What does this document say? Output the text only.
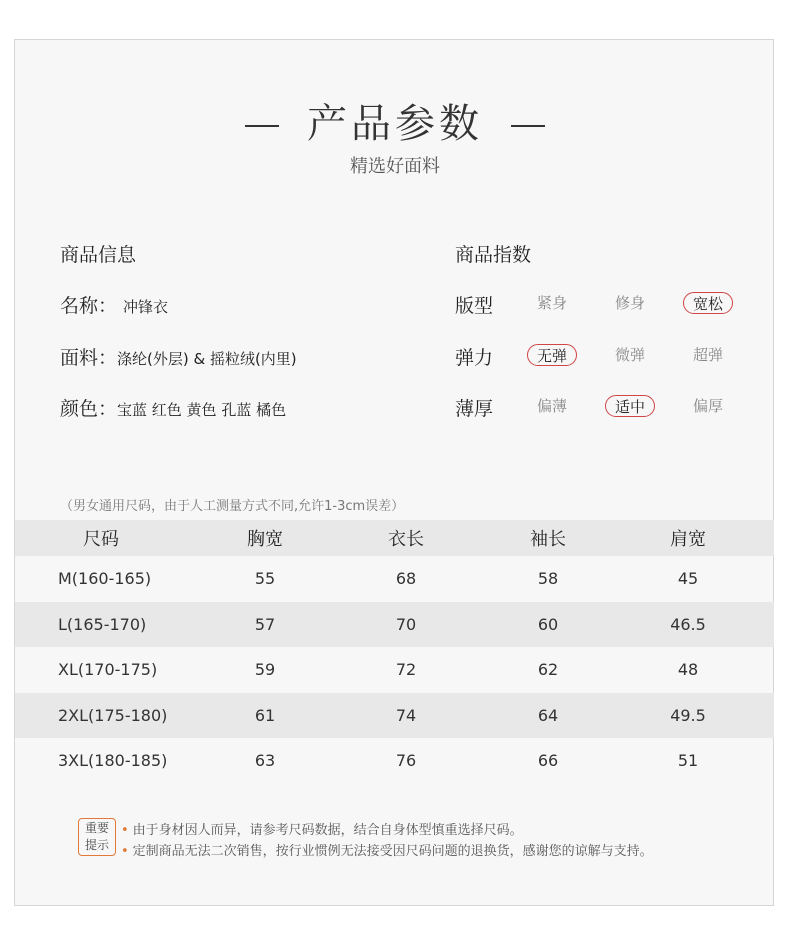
产品参数
精选好面料
商品信息	商品指数
名称： 冲锋衣
面料：涤纶(外层) & 摇粒绒(内里)
颜色：宝蓝 红色 黄色 孔蓝 橘色
版型	紧身	修身	宽松
弹力	无弹	微弹	超弹
薄厚	偏薄	适中	偏厚
（男女通用尺码，由于人工测量方式不同,允许1-3cm误差）
尺码	胸宽	衣长	袖长	肩宽
M(160-165)	55	68	58	45
L(165-170)	57	70	60	46.5
XL(170-175)	59	72	62	48
2XL(175-180)	61	74	64	49.5
3XL(180-185)	63	76	66	51
重要
提示
• 由于身材因人而异，请参考尺码数据，结合自身体型慎重选择尺码。
• 定制商品无法二次销售，按行业惯例无法接受因尺码问题的退换货，感谢您的谅解与支持。
